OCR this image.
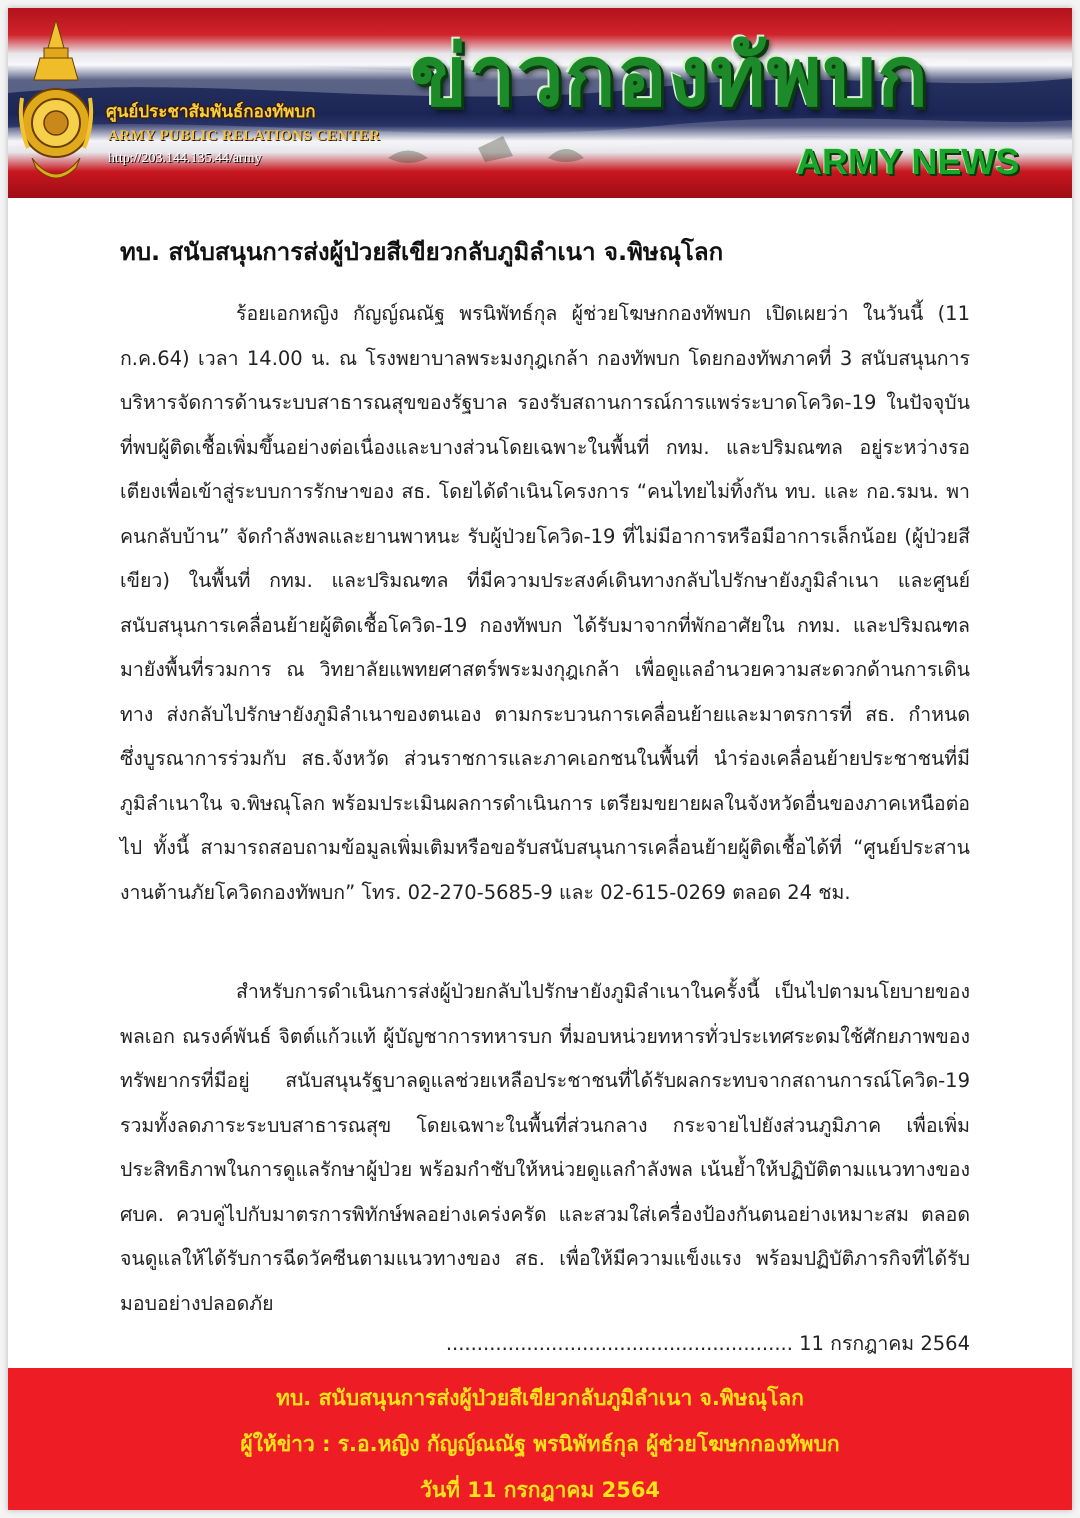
ศูนย์ประชาสัมพันธ์กองทัพบก
ARMY PUBLIC RELATIONS CENTER
http://203.144.135.44/army
ข่าวกองทัพบก
ARMY NEWS
ทบ. สนับสนุนการส่งผู้ป่วยสีเขียวกลับภูมิลำเนา จ.พิษณุโลก

ร้อยเอกหญิง กัญญ์ณณัฐ พรนิพัทธ์กุล ผู้ช่วยโฆษกกองทัพบก เปิดเผยว่า ในวันนี้ (11 ก.ค.64) เวลา 14.00 น. ณ โรงพยาบาลพระมงกุฎเกล้า กองทัพบก โดยกองทัพภาคที่ 3 สนับสนุนการบริหารจัดการด้านระบบสาธารณสุขของรัฐบาล รองรับสถานการณ์การแพร่ระบาดโควิด-19 ในปัจจุบันที่พบผู้ติดเชื้อเพิ่มขึ้นอย่างต่อเนื่องและบางส่วนโดยเฉพาะในพื้นที่ กทม. และปริมณฑล อยู่ระหว่างรอเตียงเพื่อเข้าสู่ระบบการรักษาของ สธ. โดยได้ดำเนินโครงการ “คนไทยไม่ทิ้งกัน ทบ. และ กอ.รมน. พาคนกลับบ้าน” จัดกำลังพลและยานพาหนะ รับผู้ป่วยโควิด-19 ที่ไม่มีอาการหรือมีอาการเล็กน้อย (ผู้ป่วยสีเขียว) ในพื้นที่ กทม. และปริมณฑล ที่มีความประสงค์เดินทางกลับไปรักษายังภูมิลำเนา และศูนย์สนับสนุนการเคลื่อนย้ายผู้ติดเชื้อโควิด-19 กองทัพบก ได้รับมาจากที่พักอาศัยใน กทม. และปริมณฑล มายังพื้นที่รวมการ ณ วิทยาลัยแพทยศาสตร์พระมงกุฎเกล้า เพื่อดูแลอำนวยความสะดวกด้านการเดินทาง ส่งกลับไปรักษายังภูมิลำเนาของตนเอง ตามกระบวนการเคลื่อนย้ายและมาตรการที่ สธ. กำหนด ซึ่งบูรณาการร่วมกับ สธ.จังหวัด ส่วนราชการและภาคเอกชนในพื้นที่ นำร่องเคลื่อนย้ายประชาชนที่มีภูมิลำเนาใน จ.พิษณุโลก พร้อมประเมินผลการดำเนินการ เตรียมขยายผลในจังหวัดอื่นของภาคเหนือต่อไป ทั้งนี้ สามารถสอบถามข้อมูลเพิ่มเติมหรือขอรับสนับสนุนการเคลื่อนย้ายผู้ติดเชื้อได้ที่ “ศูนย์ประสานงานต้านภัยโควิดกองทัพบก” โทร. 02-270-5685-9 และ 02-615-0269 ตลอด 24 ชม.

สำหรับการดำเนินการส่งผู้ป่วยกลับไปรักษายังภูมิลำเนาในครั้งนี้ เป็นไปตามนโยบายของ พลเอก ณรงค์พันธ์ จิตต์แก้วแท้ ผู้บัญชาการทหารบก ที่มอบหน่วยทหารทั่วประเทศระดมใช้ศักยภาพของทรัพยากรที่มีอยู่ สนับสนุนรัฐบาลดูแลช่วยเหลือประชาชนที่ได้รับผลกระทบจากสถานการณ์โควิด-19 รวมทั้งลดภาระระบบสาธารณสุข โดยเฉพาะในพื้นที่ส่วนกลาง กระจายไปยังส่วนภูมิภาค เพื่อเพิ่มประสิทธิภาพในการดูแลรักษาผู้ป่วย พร้อมกำชับให้หน่วยดูแลกำลังพล เน้นย้ำให้ปฏิบัติตามแนวทางของ ศบค. ควบคู่ไปกับมาตรการพิทักษ์พลอย่างเคร่งครัด และสวมใส่เครื่องป้องกันตนอย่างเหมาะสม ตลอดจนดูแลให้ได้รับการฉีดวัคซีนตามแนวทางของ สธ. เพื่อให้มีความแข็งแรง พร้อมปฏิบัติภารกิจที่ได้รับมอบอย่างปลอดภัย

........................................................ 11 กรกฎาคม 2564
ทบ. สนับสนุนการส่งผู้ป่วยสีเขียวกลับภูมิลำเนา จ.พิษณุโลก
ผู้ให้ข่าว : ร.อ.หญิง กัญญ์ณณัฐ พรนิพัทธ์กุล ผู้ช่วยโฆษกกองทัพบก
วันที่ 11 กรกฎาคม 2564
